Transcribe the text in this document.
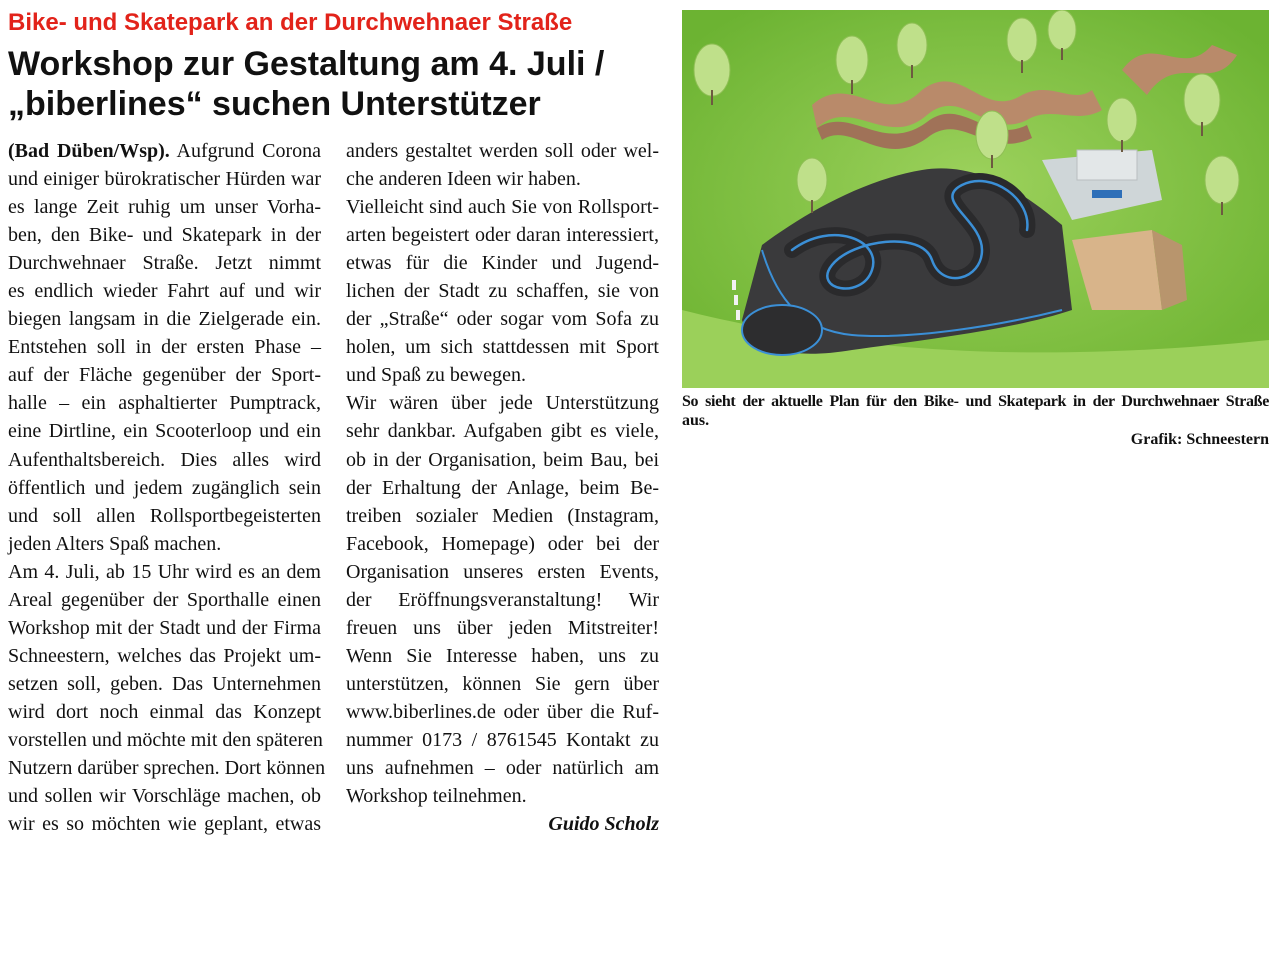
Bike- und Skatepark an der Durchwehnaer Straße
Workshop zur Gestaltung am 4. Juli /
„biberlines“ suchen Unterstützer
(Bad Düben/Wsp). Aufgrund Corona
und einiger bürokratischer Hürden war
es lange Zeit ruhig um unser Vorha-
ben, den Bike- und Skatepark in der
Durchwehnaer Straße. Jetzt nimmt
es endlich wieder Fahrt auf und wir
biegen langsam in die Zielgerade ein.
Entstehen soll in der ersten Phase –
auf der Fläche gegenüber der Sport-
halle – ein asphaltierter Pumptrack,
eine Dirtline, ein Scooterloop und ein
Aufenthaltsbereich. Dies alles wird
öffentlich und jedem zugänglich sein
und soll allen Rollsportbegeisterten
jeden Alters Spaß machen.
Am 4. Juli, ab 15 Uhr wird es an dem
Areal gegenüber der Sporthalle einen
Workshop mit der Stadt und der Firma
Schneestern, welches das Projekt um-
setzen soll, geben. Das Unternehmen
wird dort noch einmal das Konzept
vorstellen und möchte mit den späteren
Nutzern darüber sprechen. Dort können
und sollen wir Vorschläge machen, ob
wir es so möchten wie geplant, etwas
anders gestaltet werden soll oder wel-
che anderen Ideen wir haben.
Vielleicht sind auch Sie von Rollsport-
arten begeistert oder daran interessiert,
etwas für die Kinder und Jugend-
lichen der Stadt zu schaffen, sie von
der „Straße“ oder sogar vom Sofa zu
holen, um sich stattdessen mit Sport
und Spaß zu bewegen.
Wir wären über jede Unterstützung
sehr dankbar. Aufgaben gibt es viele,
ob in der Organisation, beim Bau, bei
der Erhaltung der Anlage, beim Be-
treiben sozialer Medien (Instagram,
Facebook, Homepage) oder bei der
Organisation unseres ersten Events,
der Eröffnungsveranstaltung! Wir
freuen uns über jeden Mitstreiter!
Wenn Sie Interesse haben, uns zu
unterstützen, können Sie gern über
www.biberlines.de oder über die Ruf-
nummer 0173 / 8761545 Kontakt zu
uns aufnehmen – oder natürlich am
Workshop teilnehmen.
Guido Scholz
So sieht der aktuelle Plan für den Bike- und Skatepark in der Durchwehnaer Straße
aus.
Grafik: Schneestern
